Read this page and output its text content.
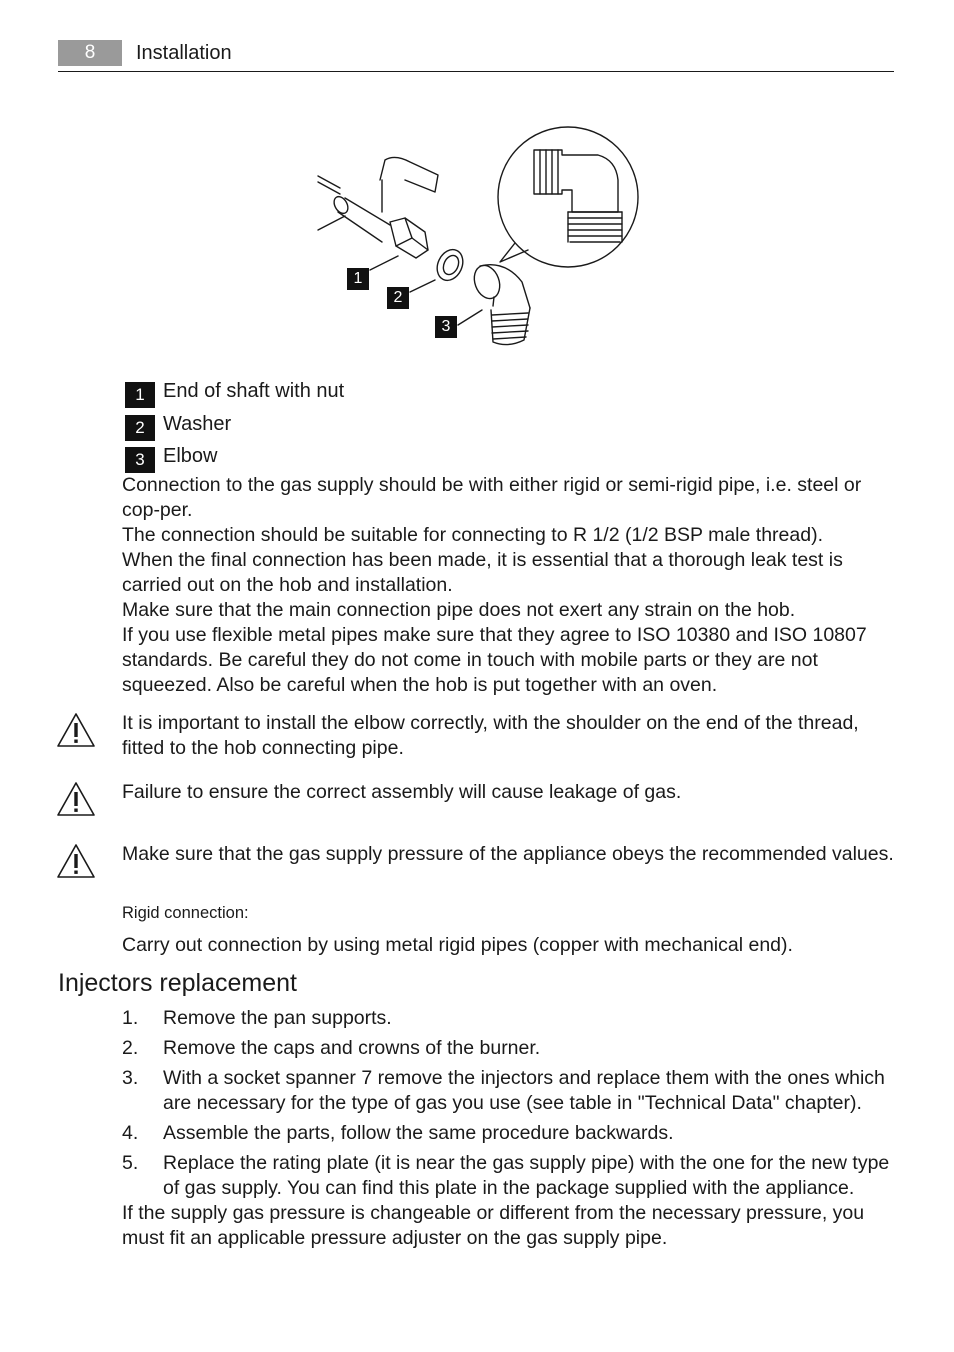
8	Installation
1
2
3
1 End of shaft with nut
2 Washer
3 Elbow

Connection to the gas supply should be with either rigid or semi-rigid pipe, i.e. steel or cop-per.

The connection should be suitable for connecting to R 1/2 (1/2 BSP male thread).

When the final connection has been made, it is essential that a thorough leak test is carried out on the hob and installation.

Make sure that the main connection pipe does not exert any strain on the hob.

If you use flexible metal pipes make sure that they agree to ISO 10380 and ISO 10807 standards. Be careful they do not come in touch with mobile parts or they are not squeezed. Also be careful when the hob is put together with an oven.

It is important to install the elbow correctly, with the shoulder on the end of the thread, fitted to the hob connecting pipe.

Failure to ensure the correct assembly will cause leakage of gas.

Make sure that the gas supply pressure of the appliance obeys the recommended values.

Rigid connection:

Carry out connection by using metal rigid pipes (copper with mechanical end).

Injectors replacement
1. Remove the pan supports.
2. Remove the caps and crowns of the burner.
3. With a socket spanner 7 remove the injectors and replace them with the ones which are necessary for the type of gas you use (see table in "Technical Data" chapter).
4. Assemble the parts, follow the same procedure backwards.
5. Replace the rating plate (it is near the gas supply pipe) with the one for the new type of gas supply. You can find this plate in the package supplied with the appliance.

If the supply gas pressure is changeable or different from the necessary pressure, you must fit an applicable pressure adjuster on the gas supply pipe.
